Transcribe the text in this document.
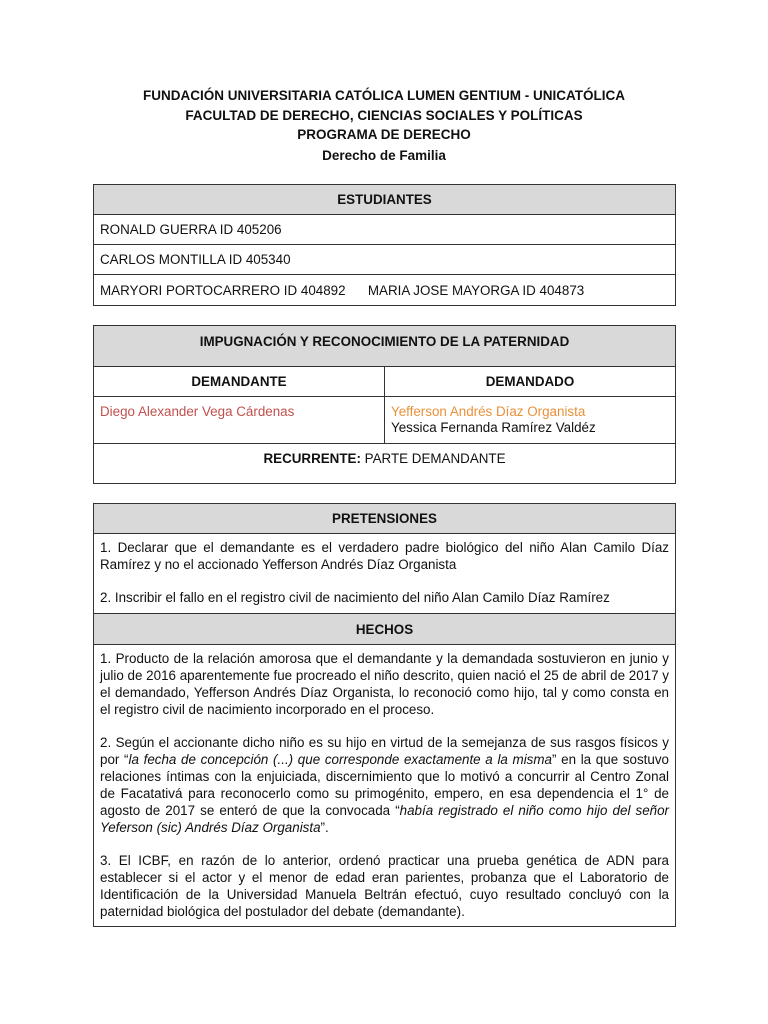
FUNDACIÓN UNIVERSITARIA CATÓLICA LUMEN GENTIUM - UNICATÓLICA
FACULTAD DE DERECHO, CIENCIAS SOCIALES Y POLÍTICAS
PROGRAMA DE DERECHO
Derecho de Familia
ESTUDIANTES
RONALD GUERRA ID 405206
CARLOS MONTILLA ID 405340
MARYORI PORTOCARRERO ID 404892      MARIA JOSE MAYORGA ID 404873
IMPUGNACIÓN Y RECONOCIMIENTO DE LA PATERNIDAD	
DEMANDANTE	DEMANDADO
Diego Alexander Vega Cárdenas	Yefferson Andrés Díaz Organista
Yessica Fernanda Ramírez Valdéz

RECURRENTE: PARTE DEMANDANTE	
PRETENSIONES

1. Declarar que el demandante es el verdadero padre biológico del niño Alan Camilo Díaz Ramírez y no el accionado Yefferson Andrés Díaz Organista

2. Inscribir el fallo en el registro civil de nacimiento del niño Alan Camilo Díaz Ramírez

HECHOS

1. Producto de la relación amorosa que el demandante y la demandada sostuvieron en junio y julio de 2016 aparentemente fue procreado el niño descrito, quien nació el 25 de abril de 2017 y el demandado, Yefferson Andrés Díaz Organista, lo reconoció como hijo, tal y como consta en el registro civil de nacimiento incorporado en el proceso.

2. Según el accionante dicho niño es su hijo en virtud de la semejanza de sus rasgos físicos y por “la fecha de concepción (...) que corresponde exactamente a la misma” en la que sostuvo relaciones íntimas con la enjuiciada, discernimiento que lo motivó a concurrir al Centro Zonal de Facatativá para reconocerlo como su primogénito, empero, en esa dependencia el 1° de agosto de 2017 se enteró de que la convocada “había registrado el niño como hijo del señor Yeferson (sic) Andrés Díaz Organista”.

3. El ICBF, en razón de lo anterior, ordenó practicar una prueba genética de ADN para establecer si el actor y el menor de edad eran parientes, probanza que el Laboratorio de Identificación de la Universidad Manuela Beltrán efectuó, cuyo resultado concluyó con la paternidad biológica del postulador del debate (demandante).
